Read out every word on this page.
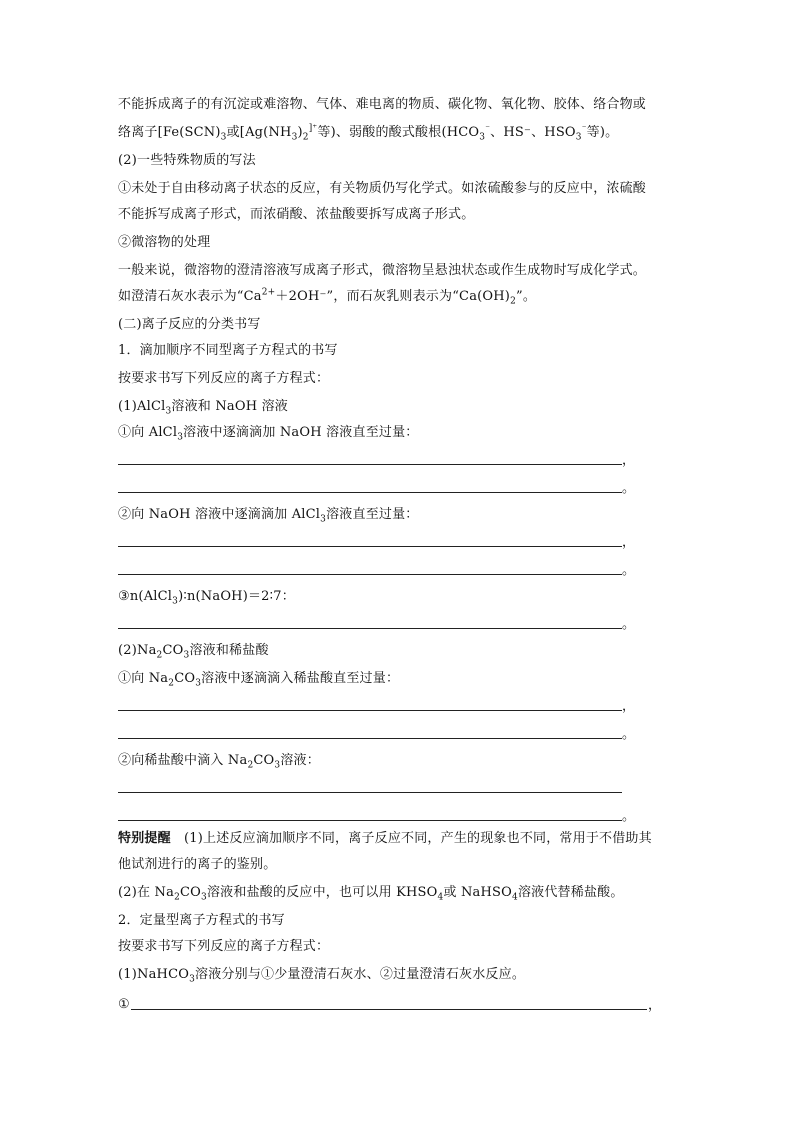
不能拆成离子的有沉淀或难溶物、气体、难电离的物质、碳化物、氧化物、胶体、络合物或
络离子[$Fe(SCN)_3$或[$Ag(NH_3)_2^{]^+}$等)、弱酸的酸式酸根($HCO_3^{^-}$、HS⁻、$HSO_3^{^-}$等)。
(2)一些特殊物质的写法
①未处于自由移动离子状态的反应，有关物质仍写化学式。如浓硫酸参与的反应中，浓硫酸
不能拆写成离子形式，而浓硝酸、浓盐酸要拆写成离子形式。
②微溶物的处理
一般来说，微溶物的澄清溶液写成离子形式，微溶物呈悬浊状态或作生成物时写成化学式。
如澄清石灰水表示为“$Ca^{2+}+2OH^-$”，而石灰乳则表示为“$Ca(OH)_2$”。
(二)离子反应的分类书写
1．滴加顺序不同型离子方程式的书写
按要求书写下列反应的离子方程式：
(1)AlCl$_3$溶液和 NaOH 溶液
①向 AlCl$_3$溶液中逐滴滴加 NaOH 溶液直至过量：
，
。
②向 NaOH 溶液中逐滴滴加 AlCl$_3$溶液直至过量：
，
。
③n(AlCl$_3$)∶n(NaOH)＝2∶7：
。
$(2)Na_2CO_3$溶液和稀盐酸
①向 $Na_2CO_3$溶液中逐滴滴入稀盐酸直至过量：
，
。
②向稀盐酸中滴入 $Na_2CO_3$溶液：
。
特别提醒　(1)上述反应滴加顺序不同，离子反应不同，产生的现象也不同，常用于不借助其
他试剂进行的离子的鉴别。
(2)在 $Na_2CO_3$溶液和盐酸的反应中，也可以用 $KHSO_4$或 NaHSO$_4$溶液代替稀盐酸。
2．定量型离子方程式的书写
按要求书写下列反应的离子方程式：
(1)NaHCO$_3$溶液分别与①少量澄清石灰水、②过量澄清石灰水反应。
①	，
